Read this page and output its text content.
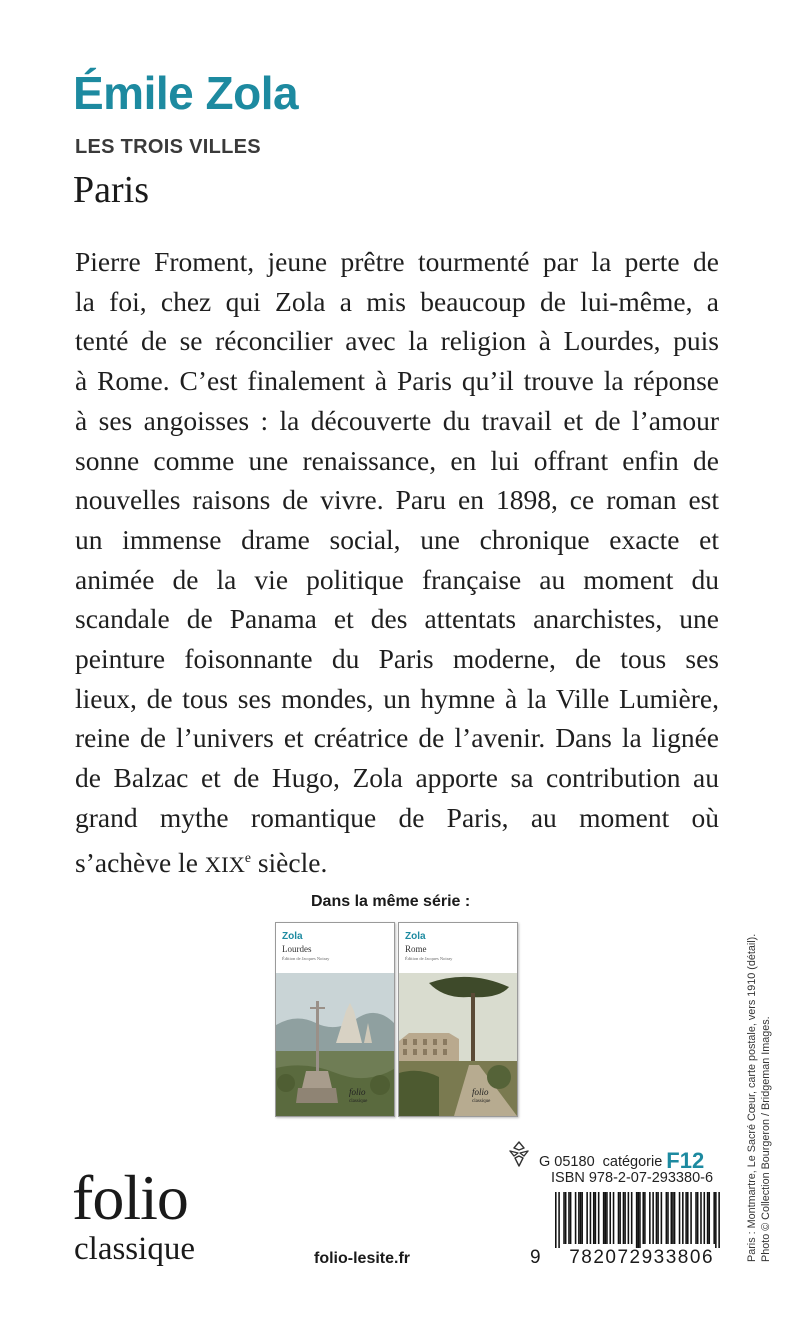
Émile Zola
LES TROIS VILLES
Paris
Pierre Froment, jeune prêtre tourmenté par la perte de
la foi, chez qui Zola a mis beaucoup de lui-même, a
tenté de se réconcilier avec la religion à Lourdes, puis
à Rome. C’est finalement à Paris qu’il trouve la réponse
à ses angoisses : la découverte du travail et de l’amour
sonne comme une renaissance, en lui offrant enfin de
nouvelles raisons de vivre. Paru en 1898, ce roman est
un immense drame social, une chronique exacte et
animée de la vie politique française au moment du
scandale de Panama et des attentats anarchistes, une
peinture foisonnante du Paris moderne, de tous ses
lieux, de tous ses mondes, un hymne à la Ville Lumière,
reine de l’univers et créatrice de l’avenir. Dans la lignée
de Balzac et de Hugo, Zola apporte sa contribution au
grand mythe romantique de Paris, au moment où
s’achève le XIXe siècle.
Dans la même série :
Zola
Lourdes
Édition de Jacques Noiray
folio
classique
Zola
Rome
Édition de Jacques Noiray
folio
classique
G 05180 catégorie F12
ISBN 978-2-07-293380-6
9 782072933806
folio
classique	folio-lesite.fr	Paris : Montmartre, Le Sacré Cœur, carte postale, vers 1910 (détail). Photo © Collection Bourgeron / Bridgeman Images.
